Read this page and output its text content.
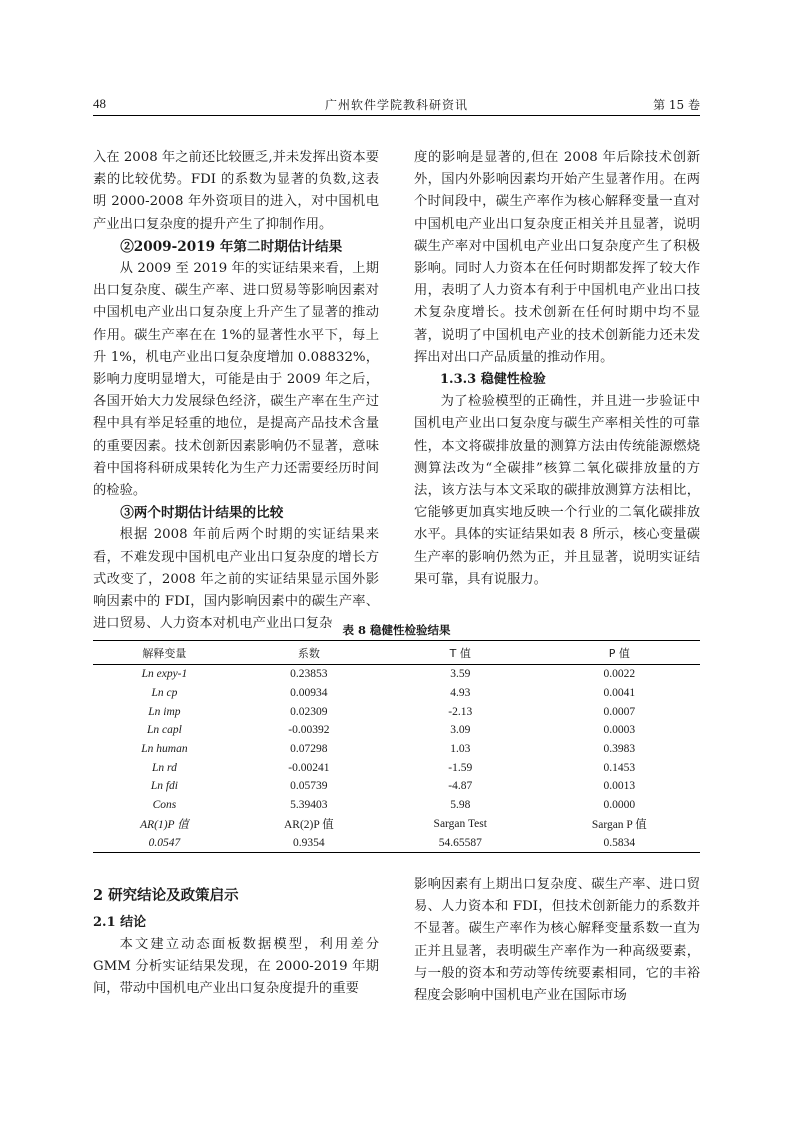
48	广州软件学院教科研资讯	第 15 卷

入在 2008 年之前还比较匮乏,并未发挥出资本要素的比较优势。FDI 的系数为显著的负数,这表明 2000-2008 年外资项目的进入，对中国机电产业出口复杂度的提升产生了抑制作用。

②2009-2019 年第二时期估计结果

从 2009 至 2019 年的实证结果来看，上期出口复杂度、碳生产率、进口贸易等影响因素对中国机电产业出口复杂度上升产生了显著的推动作用。碳生产率在在 1%的显著性水平下，每上升 1%，机电产业出口复杂度增加 0.08832%，影响力度明显增大，可能是由于 2009 年之后，各国开始大力发展绿色经济，碳生产率在生产过程中具有举足轻重的地位，是提高产品技术含量的重要因素。技术创新因素影响仍不显著，意味着中国将科研成果转化为生产力还需要经历时间的检验。

③两个时期估计结果的比较

根据 2008 年前后两个时期的实证结果来看，不难发现中国机电产业出口复杂度的增长方式改变了，2008 年之前的实证结果显示国外影响因素中的 FDI，国内影响因素中的碳生产率、进口贸易、人力资本对机电产业出口复杂

度的影响是显著的,但在 2008 年后除技术创新外，国内外影响因素均开始产生显著作用。在两个时间段中，碳生产率作为核心解释变量一直对中国机电产业出口复杂度正相关并且显著，说明碳生产率对中国机电产业出口复杂度产生了积极影响。同时人力资本在任何时期都发挥了较大作用，表明了人力资本有利于中国机电产业出口技术复杂度增长。技术创新在任何时期中均不显著，说明了中国机电产业的技术创新能力还未发挥出对出口产品质量的推动作用。

1.3.3 稳健性检验

为了检验模型的正确性，并且进一步验证中国机电产业出口复杂度与碳生产率相关性的可靠性，本文将碳排放量的测算方法由传统能源燃烧测算法改为“全碳排”核算二氧化碳排放量的方法，该方法与本文采取的碳排放测算方法相比，它能够更加真实地反映一个行业的二氧化碳排放水平。具体的实证结果如表 8 所示，核心变量碳生产率的影响仍然为正，并且显著，说明实证结果可靠，具有说服力。

表 8 稳健性检验结果
解释变量	系数	T 值	P 值
Ln expy-1	0.23853	3.59	0.0022
Ln cp	0.00934	4.93	0.0041
Ln imp	0.02309	-2.13	0.0007
Ln capl	-0.00392	3.09	0.0003
Ln human	0.07298	1.03	0.3983
Ln rd	-0.00241	-1.59	0.1453
Ln fdi	0.05739	-4.87	0.0013
Cons	5.39403	5.98	0.0000
AR(1)P 值	AR(2)P 值	Sargan Test	Sargan P 值
0.0547	0.9354	54.65587	0.5834
2 研究结论及政策启示
2.1 结论

本文建立动态面板数据模型，利用差分 GMM 分析实证结果发现，在 2000-2019 年期间，带动中国机电产业出口复杂度提升的重要

影响因素有上期出口复杂度、碳生产率、进口贸易、人力资本和 FDI，但技术创新能力的系数并不显著。碳生产率作为核心解释变量系数一直为正并且显著，表明碳生产率作为一种高级要素，与一般的资本和劳动等传统要素相同，它的丰裕程度会影响中国机电产业在国际市场
